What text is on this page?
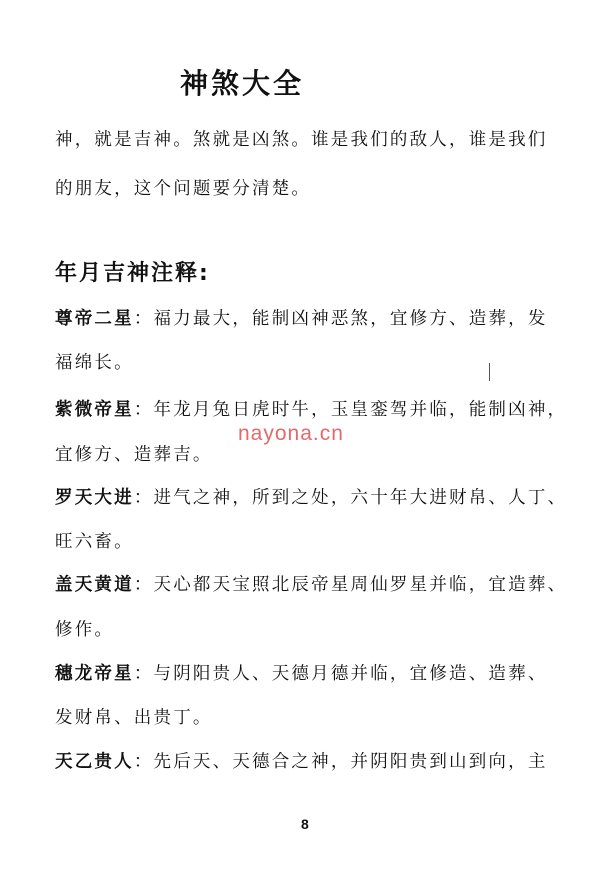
神煞大全
神，就是吉神。煞就是凶煞。谁是我们的敌人，谁是我们
的朋友，这个问题要分清楚。
年月吉神注释:
尊帝二星：福力最大，能制凶神恶煞，宜修方、造葬，发
福绵长。
紫微帝星：年龙月兔日虎时牛，玉皇銮驾并临，能制凶神，
宜修方、造葬吉。
罗天大进：进气之神，所到之处，六十年大进财帛、人丁、
旺六畜。
盖天黄道：天心都天宝照北辰帝星周仙罗星并临，宜造葬、
修作。
穗龙帝星：与阴阳贵人、天德月德并临，宜修造、造葬、
发财帛、出贵丁。
天乙贵人：先后天、天德合之神，并阴阳贵到山到向，主
nayona.cn
8
